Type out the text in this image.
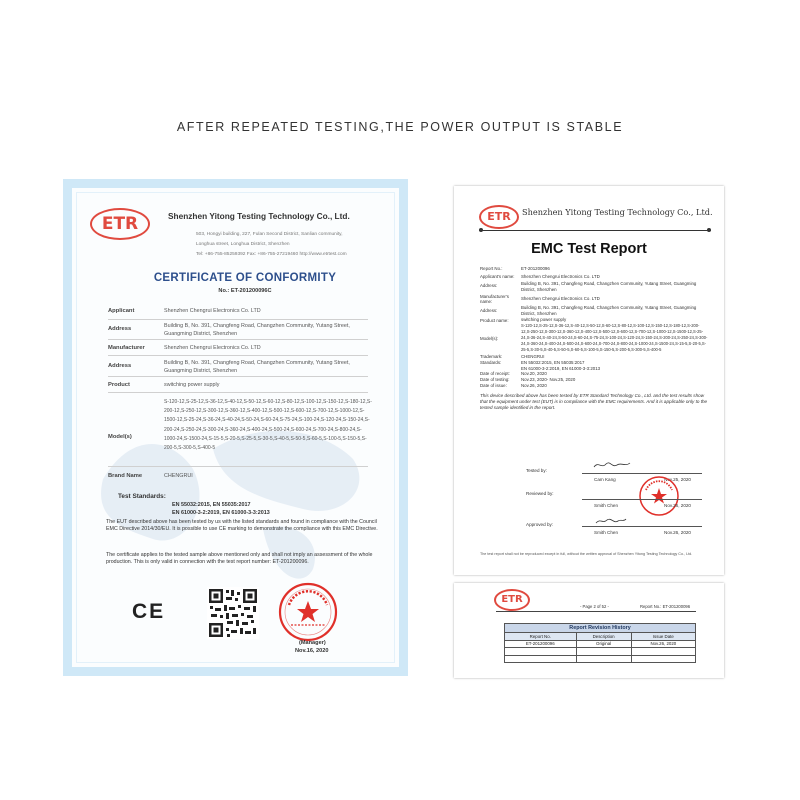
AFTER REPEATED TESTING,THE POWER OUTPUT IS STABLE
ETR	Shenzhen Yitong Testing Technology Co., Ltd.
503, Hongyi building, 227, Fulan Second District, Sanlian community,
Longhua street, Longhua District, Shenzhen
Tel: +86-755-85259392 Fax: +86-755-27219460 http://www.etrtest.com
CERTIFICATE OF CONFORMITY
No.: ET-201200096C
Applicant	Shenzhen Chengrui Electronics Co. LTD
Address	Building B, No. 391, Changfeng Road, Changzhen Community, Yutang Street, Guangming District, Shenzhen
Manufacturer	Shenzhen Chengrui Electronics Co. LTD
Address	Building B, No. 391, Changfeng Road, Changzhen Community, Yutang Street, Guangming District, Shenzhen
Product	switching power supply
Model(s)
S-120-12,S-25-12,S-36-12,S-40-12,S-50-12,S-60-12,S-80-12,S-100-12,S-150-12,S-180-12,S-200-12,S-250-12,S-300-12,S-360-12,S-400-12,S-500-12,S-600-12,S-700-12,S-1000-12,S-1500-12,S-25-24,S-36-24,S-40-24,S-50-24,S-60-24,S-75-24,S-100-24,S-120-24,S-150-24,S-200-24,S-250-24,S-300-24,S-360-24,S-400-24,S-500-24,S-600-24,S-700-24,S-800-24,S-1000-24,S-1500-24,S-15-5,S-20-5,S-25-5,S-30-5,S-40-5,S-50-5,S-60-5,S-100-5,S-150-5,S-200-5,S-300-5,S-400-5
Brand Name	CHENGRUI
Test Standards:
EN 55032:2015, EN 55035:2017
EN 61000-3-2:2019, EN 61000-3-3:2013
The EUT described above has been tested by us with the listed standards and found in compliance with the Council EMC Directive 2014/30/EU. It is possible to use CE marking to demonstrate the compliance with this EMC Directive.
The certificate applies to the tested sample above mentioned only and shall not imply an assessment of the whole production. This is only valid in connection with the test report number: ET-201200096.
CE
(Manager)
Nov.16, 2020
ETR	Shenzhen Yitong Testing Technology Co., Ltd.
EMC Test Report
Report No.:	ET-201200096
Applicant's name:	Shenzhen Chengrui Electronics Co. LTD
Address:	Building B, No. 391, Changfeng Road, Changzhen Community, Yutang Street, Guangming District, Shenzhen
Manufacturer's name:
Shenzhen Chengrui Electronics Co. LTD
Address:
Building B, No. 391, Changfeng Road, Changzhen Community, Yutang Street, Guangming District, Shenzhen
Product name:	switching power supply
Model(s):
S-120-12,S-25-12,S-36-12,S-40-12,S-50-12,S-60-12,S-80-12,S-100-12,S-150-12,S-180-12,S-200-12,S-250-12,S-300-12,S-360-12,S-400-12,S-500-12,S-600-12,S-700-12,S-1000-12,S-1500-12,S-25-24,S-36-24,S-40-24,S-50-24,S-60-24,S-75-24,S-100-24,S-120-24,S-150-24,S-200-24,S-250-24,S-300-24,S-360-24,S-400-24,S-500-24,S-600-24,S-700-24,S-800-24,S-1000-24,S-1500-24,S-15-5,S-20-5,S-25-5,S-30-5,S-40-5,S-50-5,S-60-5,S-100-5,S-150-5,S-200-5,S-300-5,S-400-5
Trademark:	CHENGRUI
Standards:	EN 55032:2015, EN 55035:2017
EN 61000-3-2:2019, EN 61000-3-3:2013
Date of receipt:	Nov.20, 2020
Date of testing:	Nov.23, 2020- Nov.25, 2020
Date of issue:	Nov.26, 2020
This device described above has been tested by ETR Standard Technology Co., Ltd. and the test results show that the equipment under test (EUT) is in compliance with the EMC requirements. And it is applicable only to the tested sample identified in the report.
Tested by:
Cam Kang	Nov.25, 2020
Reviewed by:
Smith Chen	Nov.26, 2020
Approved by:
Smith Chen	Nov.26, 2020
The test report shall not be reproduced except in full, without the written approval of Shenzhen Yitong Testing Technology Co., Ltd.
ETR
- Page 2 of 52 -	Report No.: ET-201200096
Report Revision History		
Report No.	Description	Issue Date
ET-201200096	Original	Nov.26, 2020
